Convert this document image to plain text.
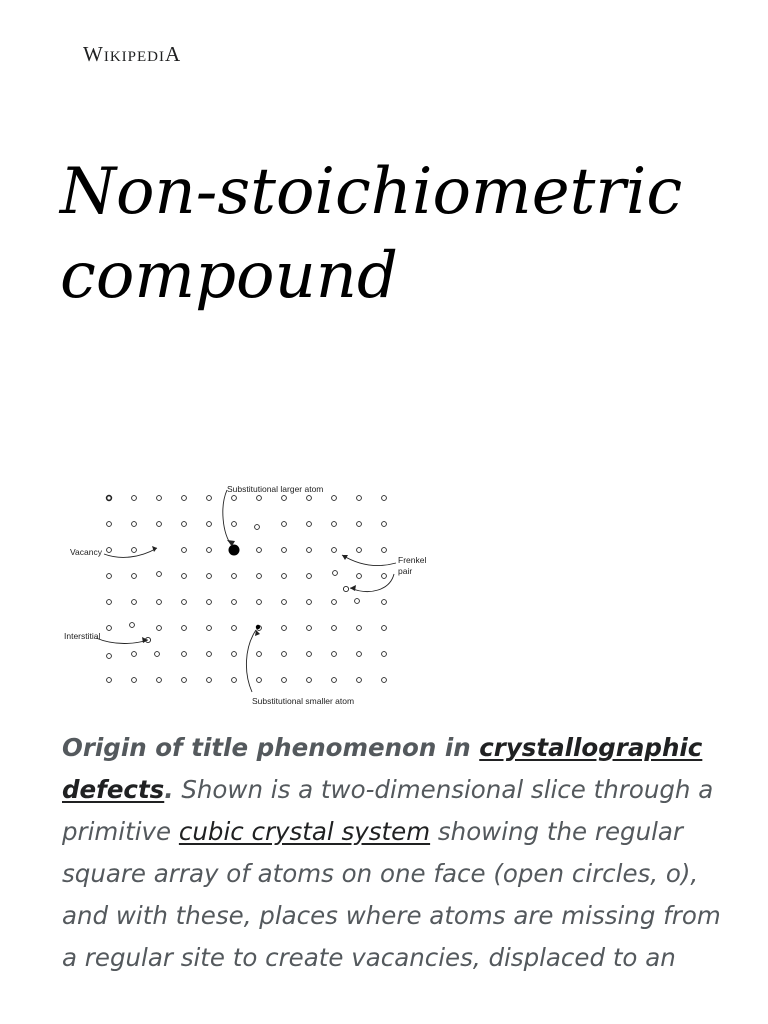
WIKIPEDIA
Non-stoichiometric
compound
Substitutional larger atom
Vacancy
Frenkel
pair
Interstitial
Substitutional smaller atom

Origin of title phenomenon in crystallographic defects. Shown is a two-dimensional slice through a primitive cubic crystal system showing the regular square array of atoms on one face (open circles, o), and with these, places where atoms are missing from a regular site to create vacancies, displaced to an
